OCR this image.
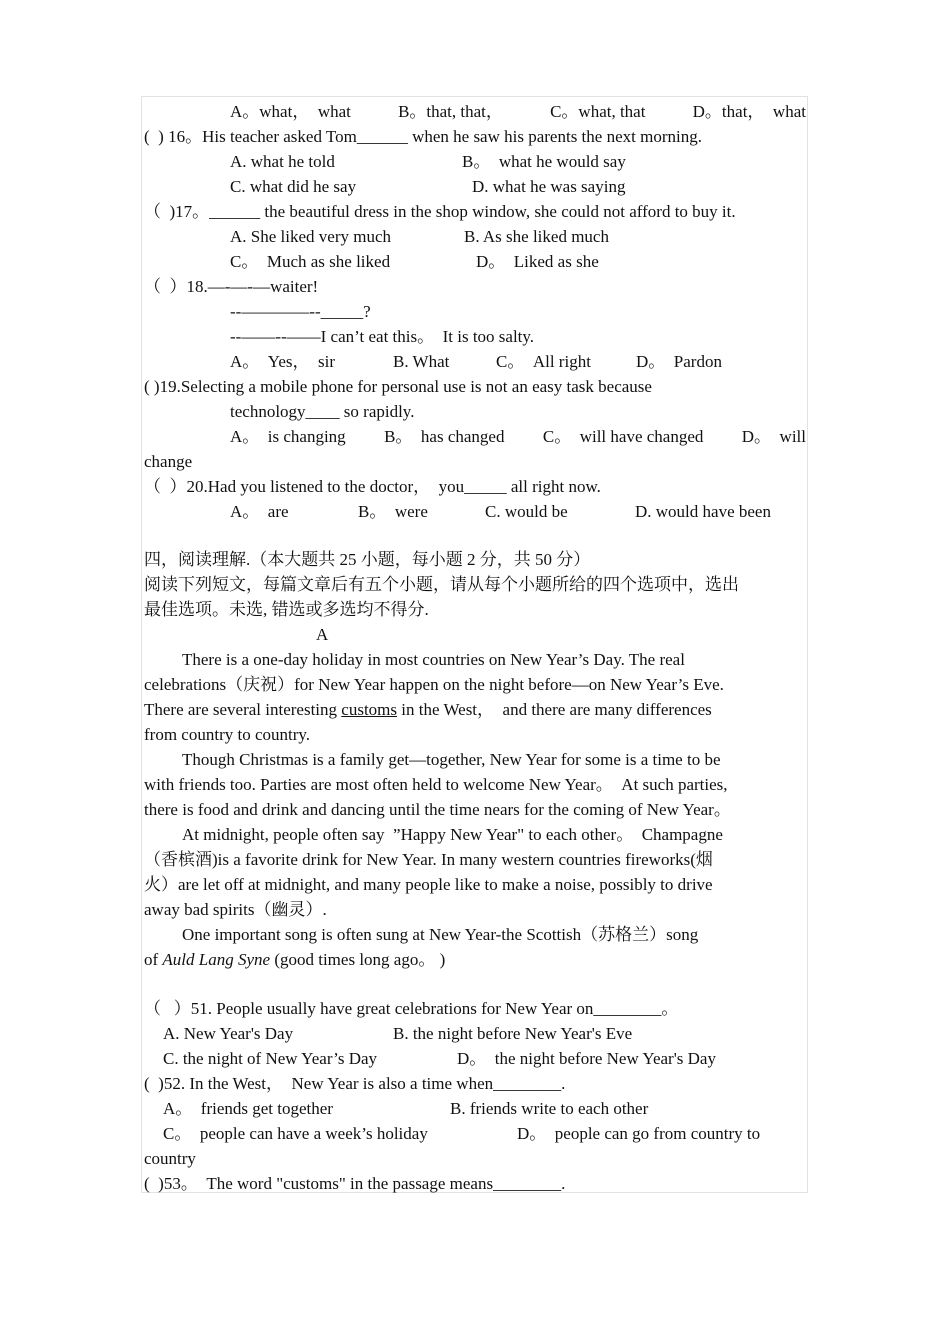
A。what，  what	B。that, that，	C。what, that	D。that，  what
(  ) 16。His teacher asked Tom______ when he saw his parents the next morning.
A. what he told	B。  what he would say
C. what did he say	D. what he was saying
（  )17。______ the beautiful dress in the shop window, she could not afford to buy it.
A. She liked very much	B. As she liked much
C。  Much as she liked	D。  Liked as she
（  ）18.—-—-—waiter!
--————--_____?
--——--——I can’t eat this。  It is too salty.
A。  Yes，  sir	B. What	C。  All right	D。  Pardon
( )19.Selecting a mobile phone for personal use is not an easy task because
technology____ so rapidly.
A。  is changing B。  has changed C。  will have changed D。  will
change
（  ）20.Had you listened to the doctor，  you_____ all right now.
A。  are	B。  were	C. would be	D. would have been
四，阅读理解.（本大题共 25 小题，每小题 2 分，共 50 分）
阅读下列短文，每篇文章后有五个小题，请从每个小题所给的四个选项中，选出
最佳选项。未选, 错选或多选均不得分.
A
There is a one-day holiday in most countries on New Year’s Day. The real
celebrations（庆祝）for New Year happen on the night before—on New Year’s Eve.
There are several interesting customs in the West，  and there are many differences
from country to country.
Though Christmas is a family get—together, New Year for some is a time to be
with friends too. Parties are most often held to welcome New Year。  At such parties,
there is food and drink and dancing until the time nears for the coming of New Year。
At midnight, people often say  ”Happy New Year" to each other。  Champagne
（香槟酒)is a favorite drink for New Year. In many western countries fireworks(烟
火）are let off at midnight, and many people like to make a noise, possibly to drive
away bad spirits（幽灵）.
One important song is often sung at New Year-the Scottish（苏格兰）song
of Auld Lang Syne (good times long ago。 )
（   ）51. People usually have great celebrations for New Year on________。
A. New Year's Day	B. the night before New Year's Eve
C. the night of New Year’s Day	D。  the night before New Year's Day
(  )52. In the West，  New Year is also a time when________.
A。  friends get together	B. friends write to each other
C。  people can have a week’s holiday	D。  people can go from country to
country
(  )53。  The word "customs" in the passage means________.
